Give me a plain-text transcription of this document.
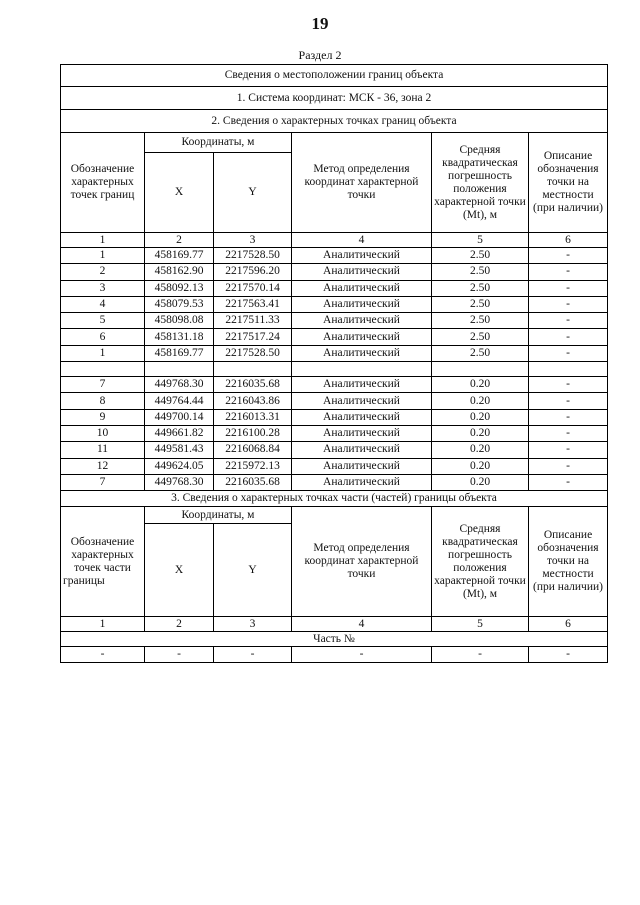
19
Раздел 2
Сведения о местоположении границ объекта					
1. Система координат: МСК - 36, зона 2					
2. Сведения о характерных точках границ объекта					
Обозначение характерных точек границ	Координаты, м		Метод определения координат характерной точки	Средняя квадратическая погрешность положения характерной точки (Mt), м	Описание обозначения точки на местности (при наличии)
	X	Y			
1	2	3	4	5	6
1	458169.77	2217528.50	Аналитический	2.50	-
2	458162.90	2217596.20	Аналитический	2.50	-
3	458092.13	2217570.14	Аналитический	2.50	-
4	458079.53	2217563.41	Аналитический	2.50	-
5	458098.08	2217511.33	Аналитический	2.50	-
6	458131.18	2217517.24	Аналитический	2.50	-
1	458169.77	2217528.50	Аналитический	2.50	-

7	449768.30	2216035.68	Аналитический	0.20	-
8	449764.44	2216043.86	Аналитический	0.20	-
9	449700.14	2216013.31	Аналитический	0.20	-
10	449661.82	2216100.28	Аналитический	0.20	-
11	449581.43	2216068.84	Аналитический	0.20	-
12	449624.05	2215972.13	Аналитический	0.20	-
7	449768.30	2216035.68	Аналитический	0.20	-
3. Сведения о характерных точках части (частей) границы объекта					
Обозначение характерных точек части границы	Координаты, м		Метод определения координат характерной точки	Средняя квадратическая погрешность положения характерной точки (Mt), м	Описание обозначения точки на местности (при наличии)
	X	Y			
1	2	3	4	5	6
Часть №					
-	-	-	-	-	-
